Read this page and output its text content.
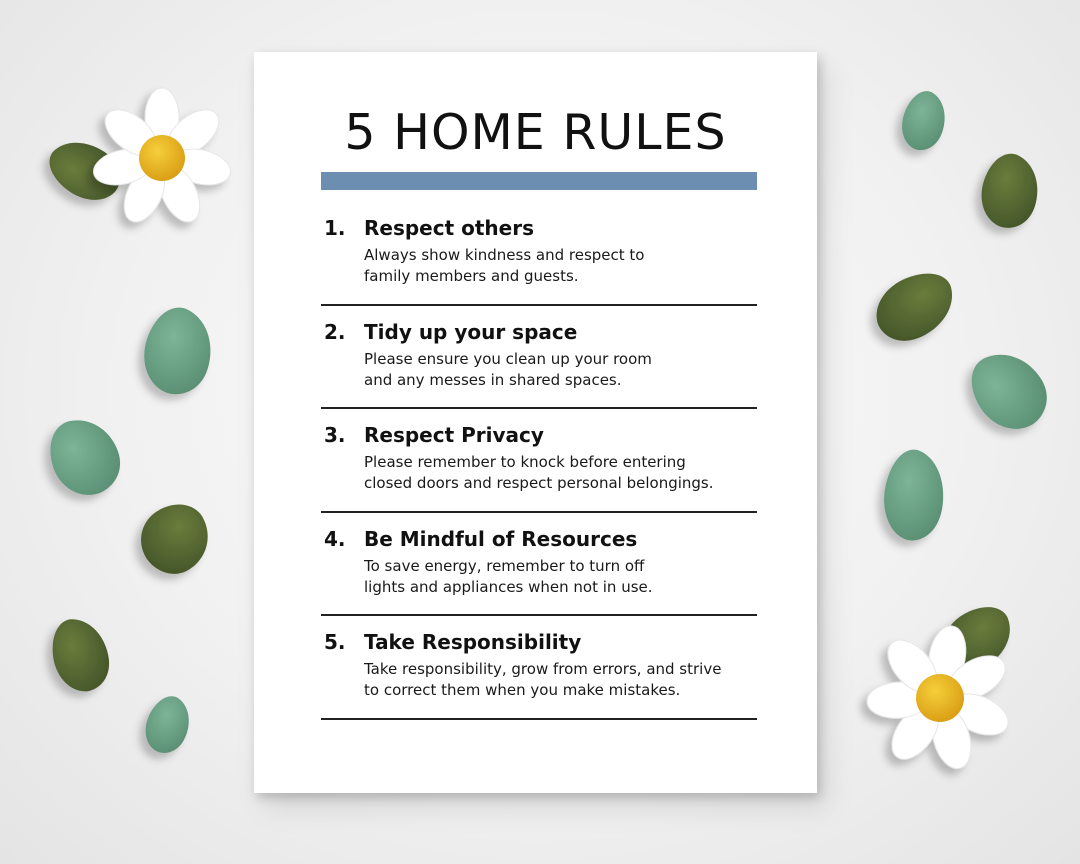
5 HOME RULES
1. Respect others

Always show kindness and respect to
family members and guests.

2. Tidy up your space

Please ensure you clean up your room
and any messes in shared spaces.

3. Respect Privacy

Please remember to knock before entering
closed doors and respect personal belongings.

4. Be Mindful of Resources

To save energy, remember to turn off
lights and appliances when not in use.

5. Take Responsibility

Take responsibility, grow from errors, and strive
to correct them when you make mistakes.
